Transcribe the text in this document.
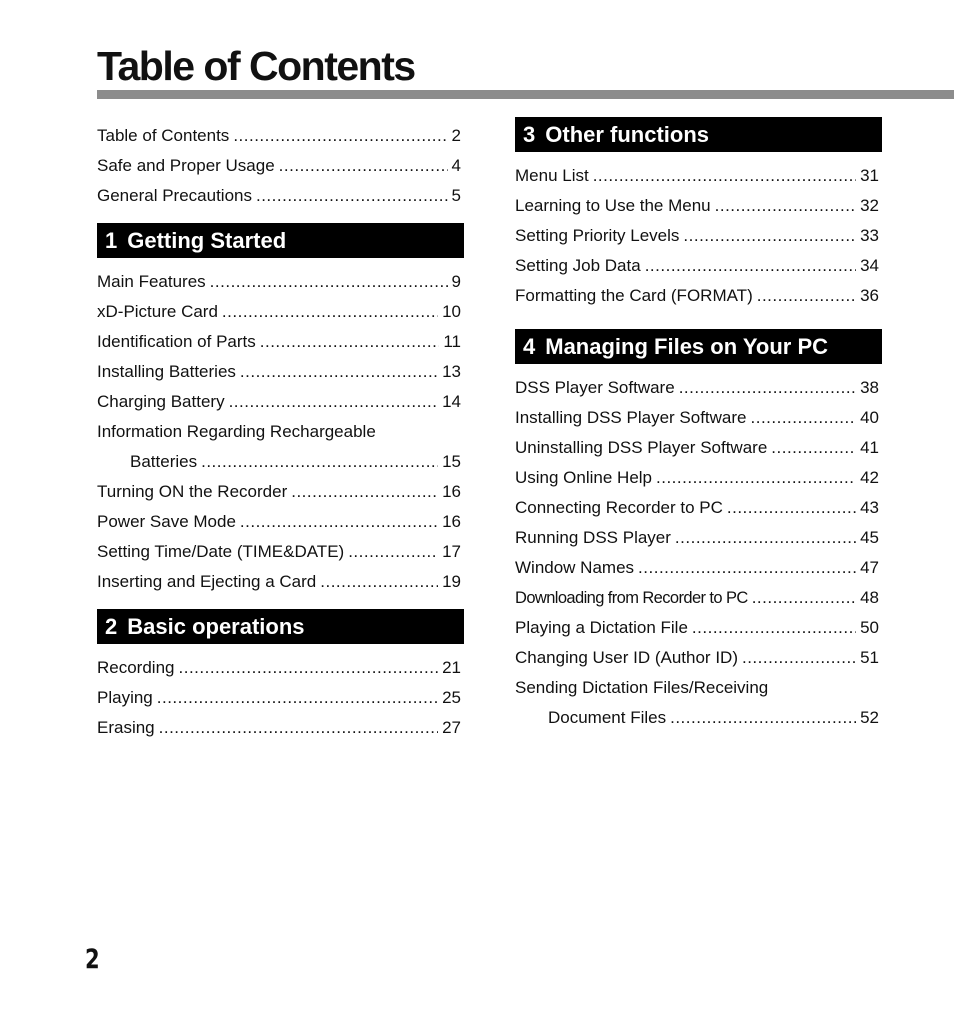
Table of Contents
Table of Contents .....	2
Safe and Proper Usage .....	4
General Precautions .....	5
1 Getting Started
Main Features .....	9
xD-Picture Card .....	10
Identification of Parts .....	11
Installing Batteries .....	13
Charging Battery .....	14
Information Regarding Rechargeable
Batteries .....	15
Turning ON the Recorder .....	16
Power Save Mode .....	16
Setting Time/Date (TIME&DATE) .....	17
Inserting and Ejecting a Card .....	19
2 Basic operations
Recording .....	21
Playing .....	25
Erasing .....	27
3 Other functions
Menu List .....	31
Learning to Use the Menu .....	32
Setting Priority Levels .....	33
Setting Job Data .....	34
Formatting the Card (FORMAT) .....	36
4 Managing Files on Your PC
DSS Player Software .....	38
Installing DSS Player Software .....	40
Uninstalling DSS Player Software .....	41
Using Online Help .....	42
Connecting Recorder to PC .....	43
Running DSS Player .....	45
Window Names .....	47
Downloading from Recorder to PC .....	48
Playing a Dictation File .....	50
Changing User ID (Author ID) .....	51
Sending Dictation Files/Receiving
Document Files .....	52
2
